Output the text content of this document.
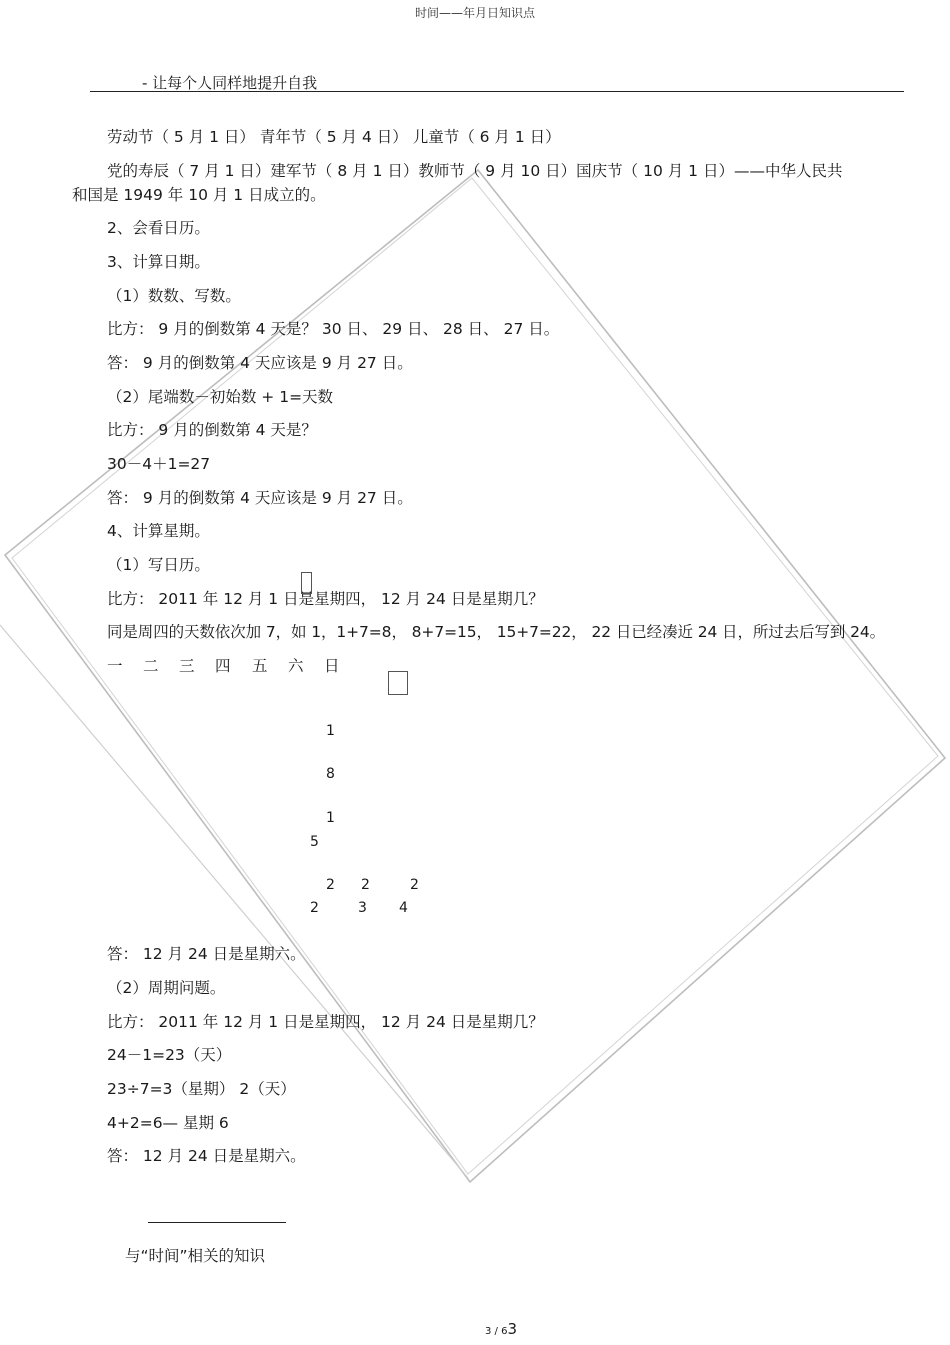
时间——年月日知识点
- 让每个人同样地提升自我
劳动节（ 5 月 1 日） 青年节（ 5 月 4 日） 儿童节（ 6 月 1 日）
党的寿辰（ 7 月 1 日）建军节（ 8 月 1 日）教师节（ 9 月 10 日）国庆节（ 10 月 1 日）——中华人民共
和国是 1949 年 10 月 1 日成立的。
2、会看日历。
3、计算日期。
（1）数数、写数。
比方： 9 月的倒数第 4 天是？ 30 日、 29 日、 28 日、 27 日。
答： 9 月的倒数第 4 天应该是 9 月 27 日。
（2）尾端数－初始数 + 1=天数
比方： 9 月的倒数第 4 天是？
30－4＋1=27
答： 9 月的倒数第 4 天应该是 9 月 27 日。
4、计算星期。
（1）写日历。
比方： 2011 年 12 月 1 日是星期四， 12 月 24 日是星期几？
同是周四的天数依次加 7，如 1，1+7=8， 8+7=15， 15+7=22， 22 日已经凑近 24 日，所过去后写到 24。
一 二 三 四 五 六 日
1
8
1
5
2 2	2
2	3 4
答： 12 月 24 日是星期六。
（2）周期问题。
比方： 2011 年 12 月 1 日是星期四， 12 月 24 日是星期几？
24－1=23（天）
23÷7=3（星期） 2（天）
4+2=6— 星期 6
答： 12 月 24 日是星期六。
与“时间”相关的知识
3 / 63
